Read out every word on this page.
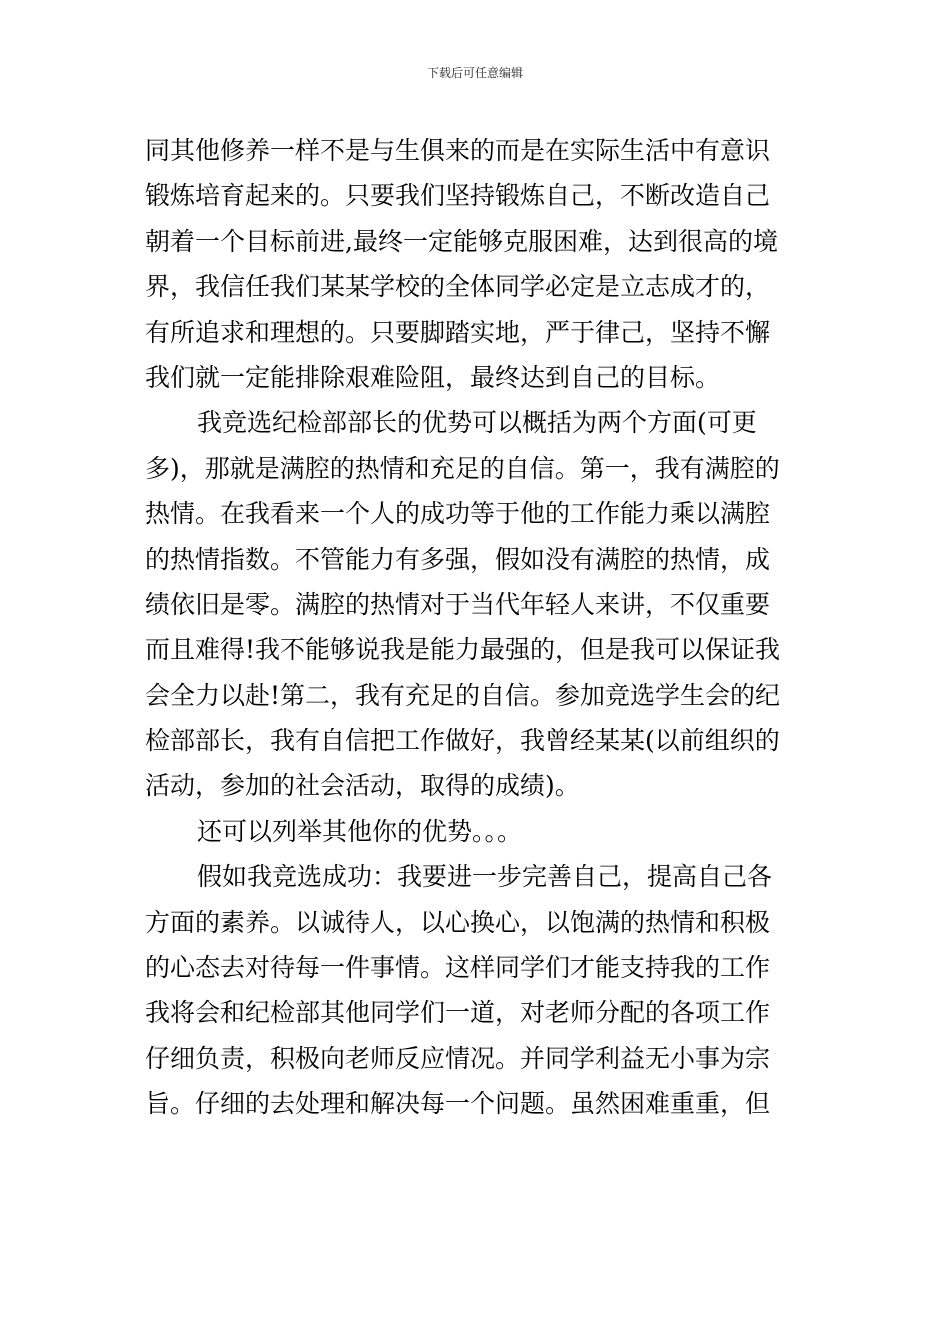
下载后可任意编辑
同其他修养一样不是与生俱来的而是在实际生活中有意识
锻炼培育起来的。只要我们坚持锻炼自己，不断改造自己
朝着一个目标前进,最终一定能够克服困难，达到很高的境
界，我信任我们某某学校的全体同学必定是立志成才的，
有所追求和理想的。只要脚踏实地，严于律己，坚持不懈
我们就一定能排除艰难险阻，最终达到自己的目标。
我竞选纪检部部长的优势可以概括为两个方面(可更
多)，那就是满腔的热情和充足的自信。第一，我有满腔的
热情。在我看来一个人的成功等于他的工作能力乘以满腔
的热情指数。不管能力有多强，假如没有满腔的热情，成
绩依旧是零。满腔的热情对于当代年轻人来讲，不仅重要
而且难得!我不能够说我是能力最强的，但是我可以保证我
会全力以赴!第二，我有充足的自信。参加竞选学生会的纪
检部部长，我有自信把工作做好，我曾经某某(以前组织的
活动，参加的社会活动，取得的成绩)。
还可以列举其他你的优势。。。
假如我竞选成功：我要进一步完善自己，提高自己各
方面的素养。以诚待人，以心换心，以饱满的热情和积极
的心态去对待每一件事情。这样同学们才能支持我的工作
我将会和纪检部其他同学们一道，对老师分配的各项工作
仔细负责，积极向老师反应情况。并同学利益无小事为宗
旨。仔细的去处理和解决每一个问题。虽然困难重重，但
